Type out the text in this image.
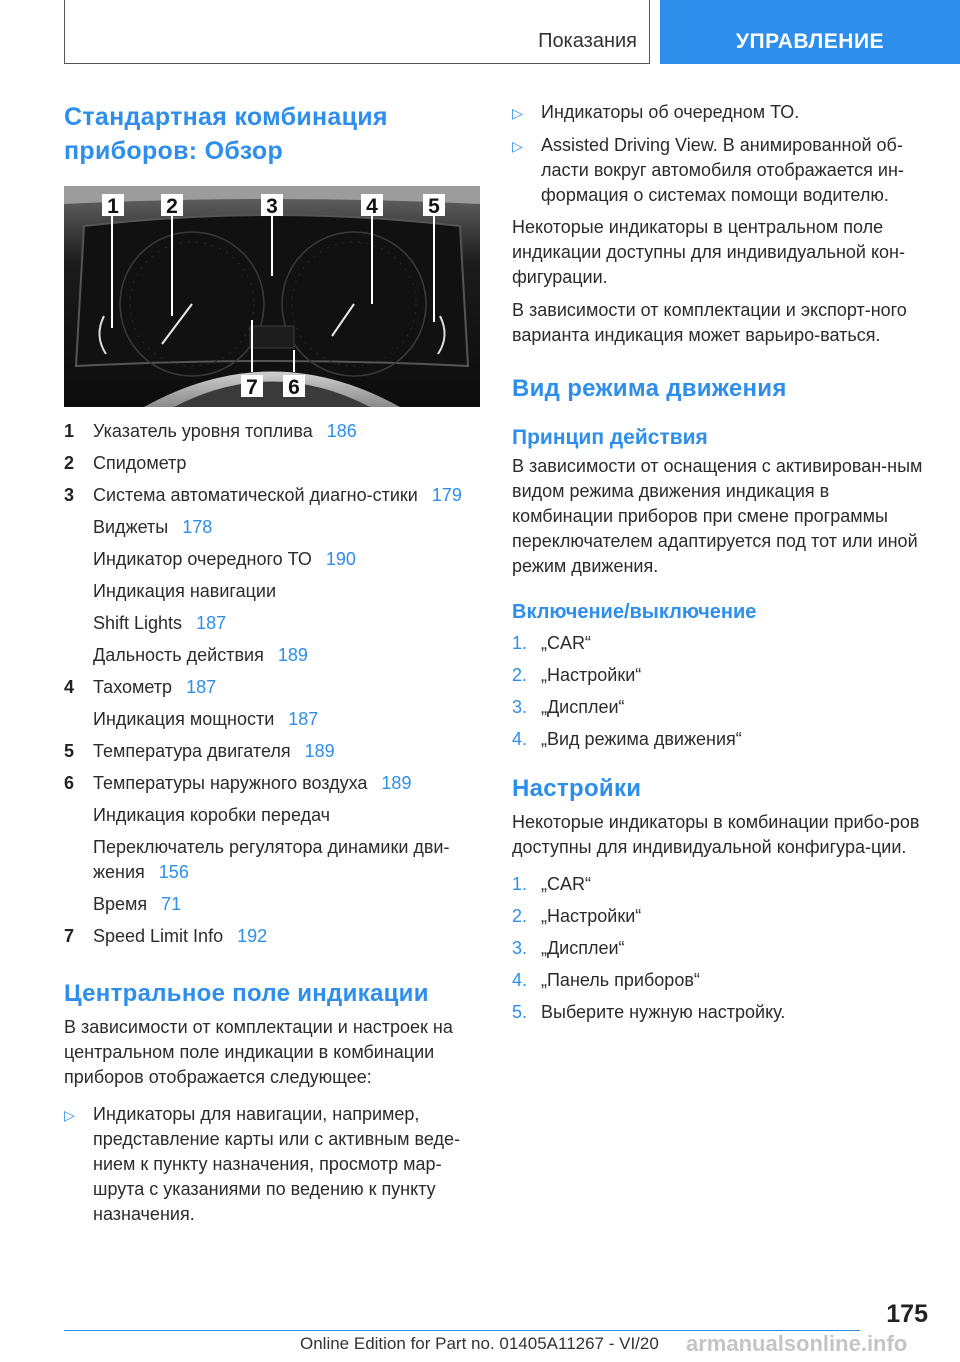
Показания	УПРАВЛЕНИЕ
Стандартная комбинация приборов: Обзор
1 2	3	4 5
7 6
1	Указатель уровня топлива 186
2	Спидометр
3	Система автоматической диагно-стики 179
Виджеты 178
Индикатор очередного ТО 190
Индикация навигации
Shift Lights 187
Дальность действия 189
4	Тахометр 187
Индикация мощности 187
5	Температура двигателя 189
6	Температуры наружного воздуха 189
Индикация коробки передач
Переключатель регулятора динамики дви-жения 156
Время 71
7	Speed Limit Info 192
Центральное поле индикации
В зависимости от комплектации и настроек на центральном поле индикации в комбинации приборов отображается следующее:
▷	Индикаторы для навигации, например, представление карты или с активным веде-нием к пункту назначения, просмотр мар-шрута с указаниями по ведению к пункту назначения.
▷	Индикаторы об очередном ТО.
▷	Assisted Driving View. В анимированной об-ласти вокруг автомобиля отображается ин-формация о системах помощи водителю.
Некоторые индикаторы в центральном поле индикации доступны для индивидуальной кон-фигурации.
В зависимости от комплектации и экспорт-ного варианта индикация может варьиро-ваться.
Вид режима движения
Принцип действия
В зависимости от оснащения с активирован-ным видом режима движения индикация в комбинации приборов при смене программы переключателем адаптируется под тот или иной режим движения.
Включение/выключение
1. „CAR“
2. „Настройки“
3. „Дисплеи“
4. „Вид режима движения“
Настройки
Некоторые индикаторы в комбинации прибо-ров доступны для индивидуальной конфигура-ции.
1. „CAR“
2. „Настройки“
3. „Дисплеи“
4. „Панель приборов“
5. Выберите нужную настройку.
175
Online Edition for Part no. 01405A11267 - VI/20 armanualsonline.info
